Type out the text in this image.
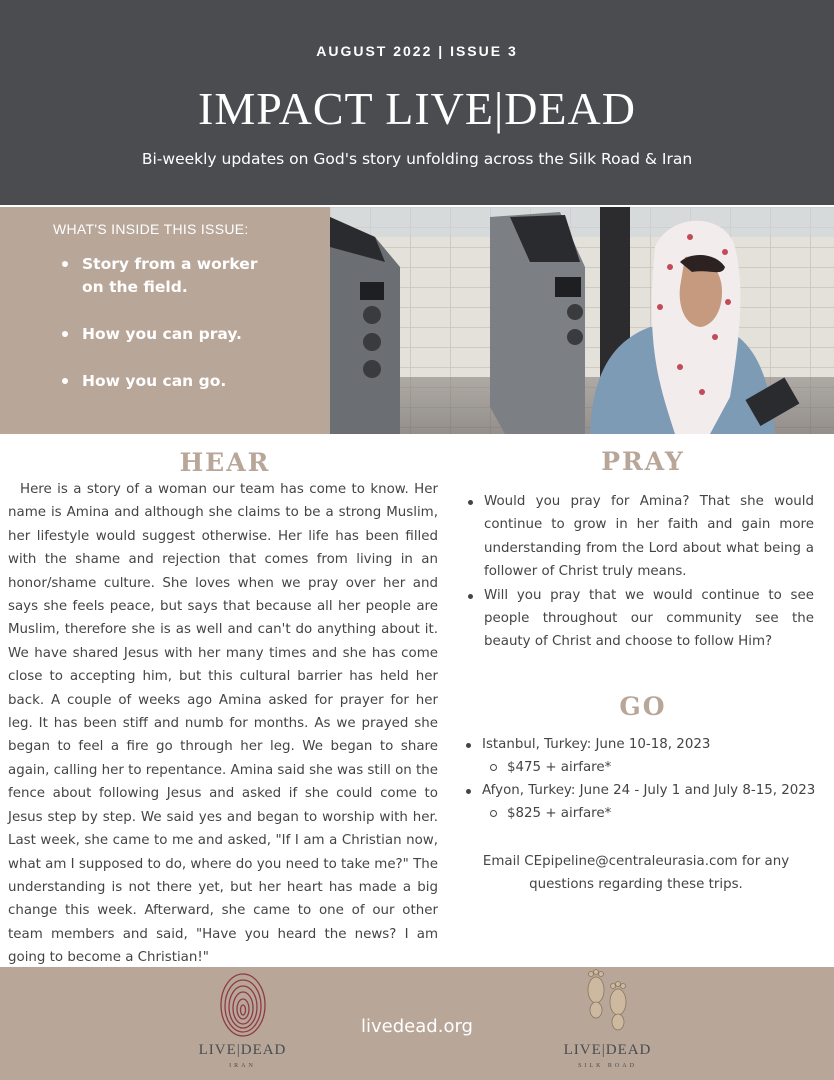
AUGUST 2022 | ISSUE 3
IMPACT LIVE|DEAD
Bi-weekly updates on God's story unfolding across the Silk Road & Iran
WHAT'S INSIDE THIS ISSUE:
Story from a worker on the field.
How you can pray.
How you can go.
HEAR

Here is a story of a woman our team has come to know. Her name is Amina and although she claims to be a strong Muslim, her lifestyle would suggest otherwise. Her life has been filled with the shame and rejection that comes from living in an honor/shame culture. She loves when we pray over her and says she feels peace, but says that because all her people are Muslim, therefore she is as well and can't do anything about it. We have shared Jesus with her many times and she has come close to accepting him, but this cultural barrier has held her back. A couple of weeks ago Amina asked for prayer for her leg. It has been stiff and numb for months. As we prayed she began to feel a fire go through her leg. We began to share again, calling her to repentance. Amina said she was still on the fence about following Jesus and asked if she could come to Jesus step by step. We said yes and began to worship with her. Last week, she came to me and asked, "If I am a Christian now, what am I supposed to do, where do you need to take me?" The understanding is not there yet, but her heart has made a big change this week. Afterward, she came to one of our other team members and said, "Have you heard the news? I am going to become a Christian!"

PRAY
Would you pray for Amina? That she would continue to grow in her faith and gain more understanding from the Lord about what being a follower of Christ truly means.
Will you pray that we would continue to see people throughout our community see the beauty of Christ and choose to follow Him?
GO
Istanbul, Turkey: June 10-18, 2023
$475 + airfare*
Afyon, Turkey: June 24 - July 1 and July 8-15, 2023
$825 + airfare*

Email CEpipeline@centraleurasia.com for any questions regarding these trips.

LIVE|DEAD
IRAN
livedead.org
LIVE|DEAD
SILK ROAD
